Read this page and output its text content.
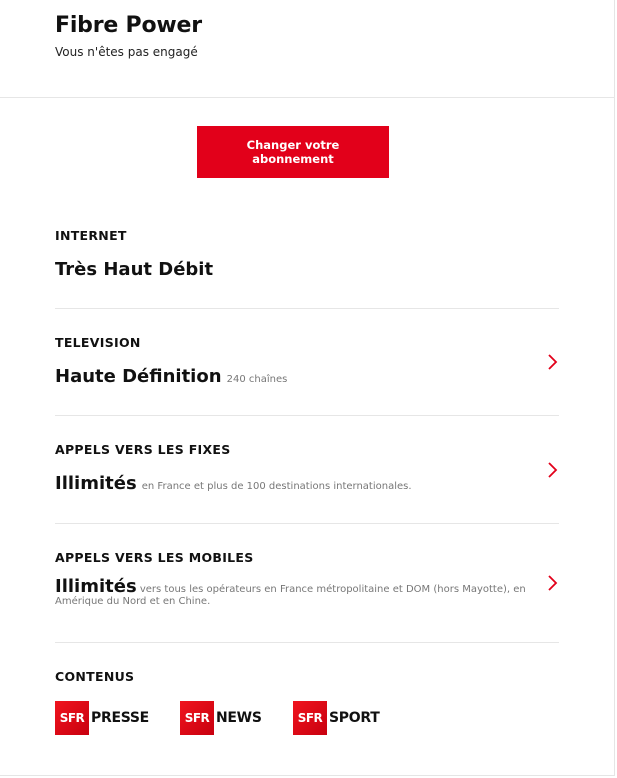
Fibre Power
Vous n'êtes pas engagé
Changer votre abonnement
INTERNET
Très Haut Débit
TELEVISION
Haute Définition 240 chaînes
APPELS VERS LES FIXES
Illimités en France et plus de 100 destinations internationales.
APPELS VERS LES MOBILES
Illimités vers tous les opérateurs en France métropolitaine et DOM (hors Mayotte), en Amérique du Nord et en Chine.
CONTENUS
SFR PRESSE	SFR NEWS	SFR SPORT
